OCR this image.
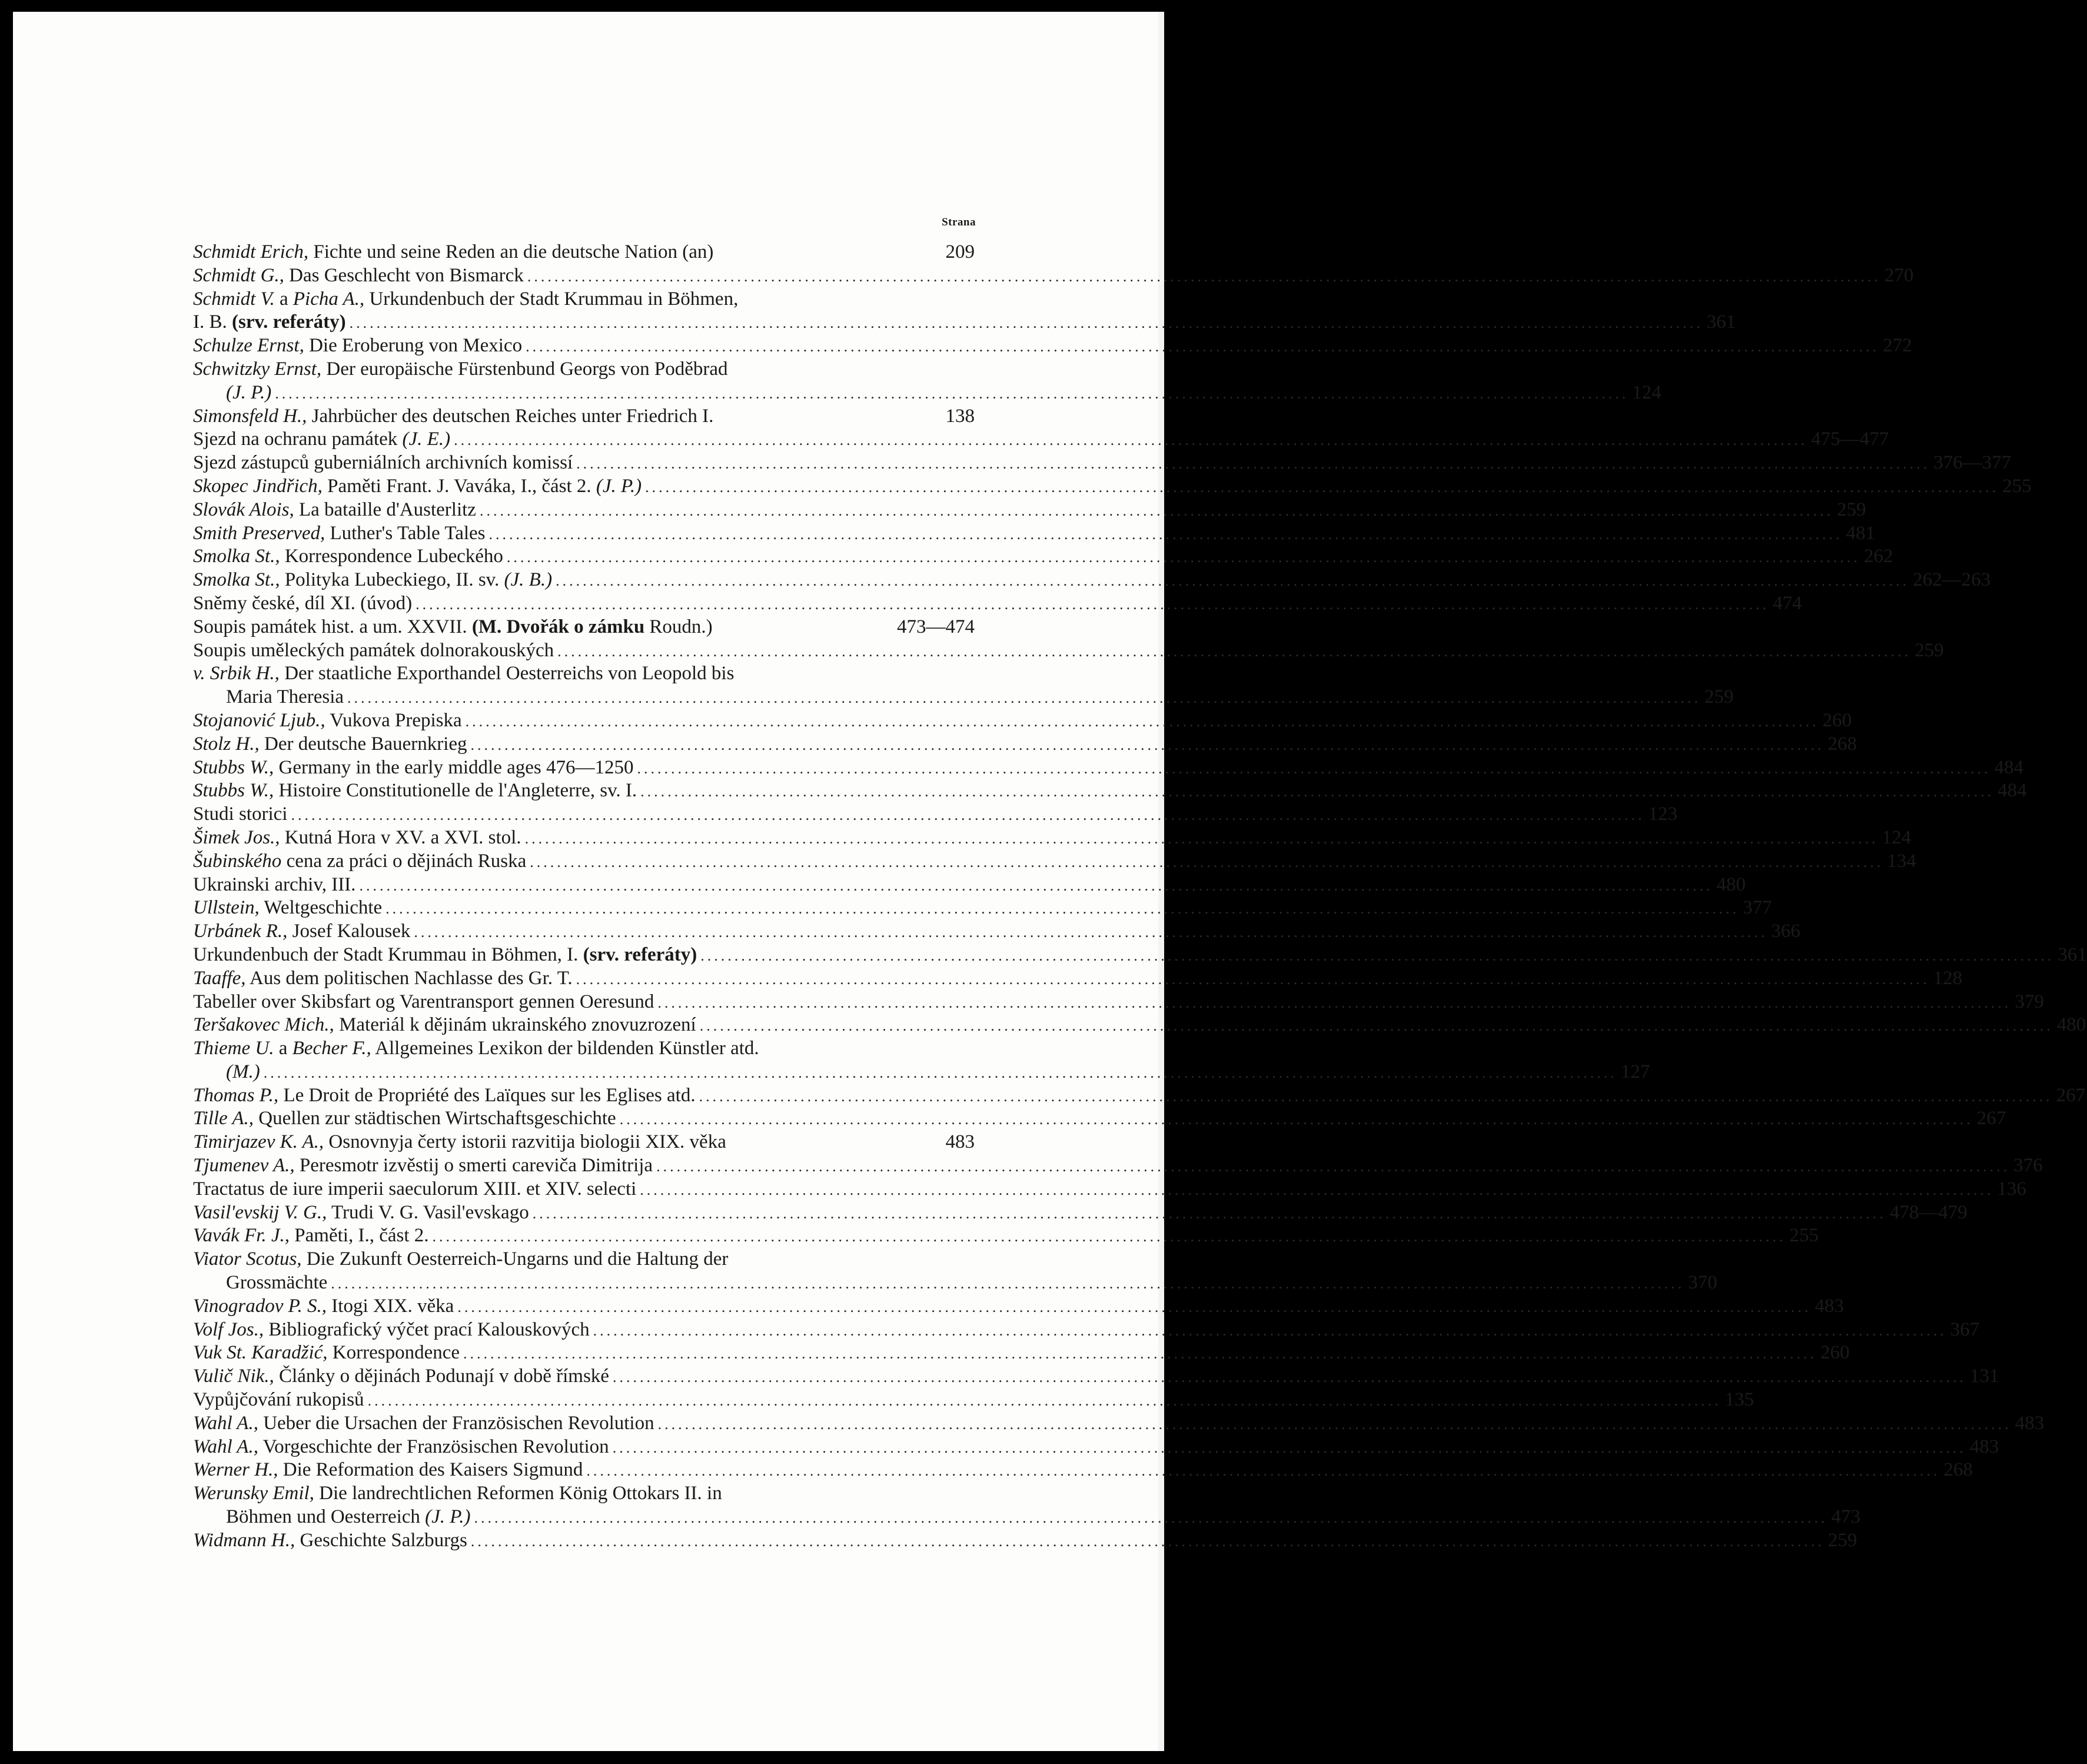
Strana
Schmidt Erich, Fichte und seine Reden an die deutsche Nation (an)	209
Schmidt G., Das Geschlecht von Bismarck ........................................................................................................................................................................................................ 270
Schmidt V. a Picha A., Urkundenbuch der Stadt Krummau in Böhmen,
I. B. (srv. referáty) ........................................................................................................................................................................................................ 361
Schulze Ernst, Die Eroberung von Mexico ........................................................................................................................................................................................................ 272
Schwitzky Ernst, Der europäische Fürstenbund Georgs von Poděbrad
(J. P.) ........................................................................................................................................................................................................ 124
Simonsfeld H., Jahrbücher des deutschen Reiches unter Friedrich I.	138
Sjezd na ochranu památek (J. E.) ........................................................................................................................................................................................................ 475—477
Sjezd zástupců guberniálních archivních komissí ........................................................................................................................................................................................................ 376—377
Skopec Jindřich, Paměti Frant. J. Vaváka, I., část 2. (J. P.) ........................................................................................................................................................................................................ 255
Slovák Alois, La bataille d'Austerlitz ........................................................................................................................................................................................................ 259
Smith Preserved, Luther's Table Tales ........................................................................................................................................................................................................ 481
Smolka St., Korrespondence Lubeckého ........................................................................................................................................................................................................ 262
Smolka St., Polityka Lubeckiego, II. sv. (J. B.) ........................................................................................................................................................................................................ 262—263
Sněmy české, díl XI. (úvod) ........................................................................................................................................................................................................ 474
Soupis památek hist. a um. XXVII. (M. Dvořák o zámku Roudn.)	473—474
Soupis uměleckých památek dolnorakouských ........................................................................................................................................................................................................ 259
v. Srbik H., Der staatliche Exporthandel Oesterreichs von Leopold bis
Maria Theresia ........................................................................................................................................................................................................ 259
Stojanović Ljub., Vukova Prepiska ........................................................................................................................................................................................................ 260
Stolz H., Der deutsche Bauernkrieg ........................................................................................................................................................................................................ 268
Stubbs W., Germany in the early middle ages 476—1250 ........................................................................................................................................................................................................ 484
Stubbs W., Histoire Constitutionelle de l'Angleterre, sv. I. ........................................................................................................................................................................................................ 484
Studi storici ........................................................................................................................................................................................................ 123
Šimek Jos., Kutná Hora v XV. a XVI. stol. ........................................................................................................................................................................................................ 124
Šubinského cena za práci o dějinách Ruska ........................................................................................................................................................................................................ 134
Ukrainski archiv, III. ........................................................................................................................................................................................................ 480
Ullstein, Weltgeschichte ........................................................................................................................................................................................................ 377
Urbánek R., Josef Kalousek ........................................................................................................................................................................................................ 366
Urkundenbuch der Stadt Krummau in Böhmen, I. (srv. referáty) ........................................................................................................................................................................................................ 361
Taaffe, Aus dem politischen Nachlasse des Gr. T. ........................................................................................................................................................................................................ 128
Tabeller over Skibsfart og Varentransport gennen Oeresund ........................................................................................................................................................................................................ 379
Teršakovec Mich., Materiál k dějinám ukrainského znovuzrození ........................................................................................................................................................................................................ 480
Thieme U. a Becher F., Allgemeines Lexikon der bildenden Künstler atd.
(M.) ........................................................................................................................................................................................................ 127
Thomas P., Le Droit de Propriété des Laïques sur les Eglises atd. ........................................................................................................................................................................................................ 267
Tille A., Quellen zur städtischen Wirtschaftsgeschichte ........................................................................................................................................................................................................ 267
Timirjazev K. A., Osnovnyja čerty istorii razvitija biologii XIX. věka	483
Tjumenev A., Peresmotr izvěstij o smerti careviča Dimitrija ........................................................................................................................................................................................................ 376
Tractatus de iure imperii saeculorum XIII. et XIV. selecti ........................................................................................................................................................................................................ 136
Vasil'evskij V. G., Trudi V. G. Vasil'evskago ........................................................................................................................................................................................................ 478—479
Vavák Fr. J., Paměti, I., část 2. ........................................................................................................................................................................................................ 255
Viator Scotus, Die Zukunft Oesterreich-Ungarns und die Haltung der
Grossmächte ........................................................................................................................................................................................................ 370
Vinogradov P. S., Itogi XIX. věka ........................................................................................................................................................................................................ 483
Volf Jos., Bibliografický výčet prací Kalouskových ........................................................................................................................................................................................................ 367
Vuk St. Karadžić, Korrespondence ........................................................................................................................................................................................................ 260
Vulič Nik., Články o dějinách Podunají v době římské ........................................................................................................................................................................................................ 131
Vypůjčování rukopisů ........................................................................................................................................................................................................ 135
Wahl A., Ueber die Ursachen der Französischen Revolution ........................................................................................................................................................................................................ 483
Wahl A., Vorgeschichte der Französischen Revolution ........................................................................................................................................................................................................ 483
Werner H., Die Reformation des Kaisers Sigmund ........................................................................................................................................................................................................ 268
Werunsky Emil, Die landrechtlichen Reformen König Ottokars II. in
Böhmen und Oesterreich (J. P.) ........................................................................................................................................................................................................ 473
Widmann H., Geschichte Salzburgs ........................................................................................................................................................................................................ 259
